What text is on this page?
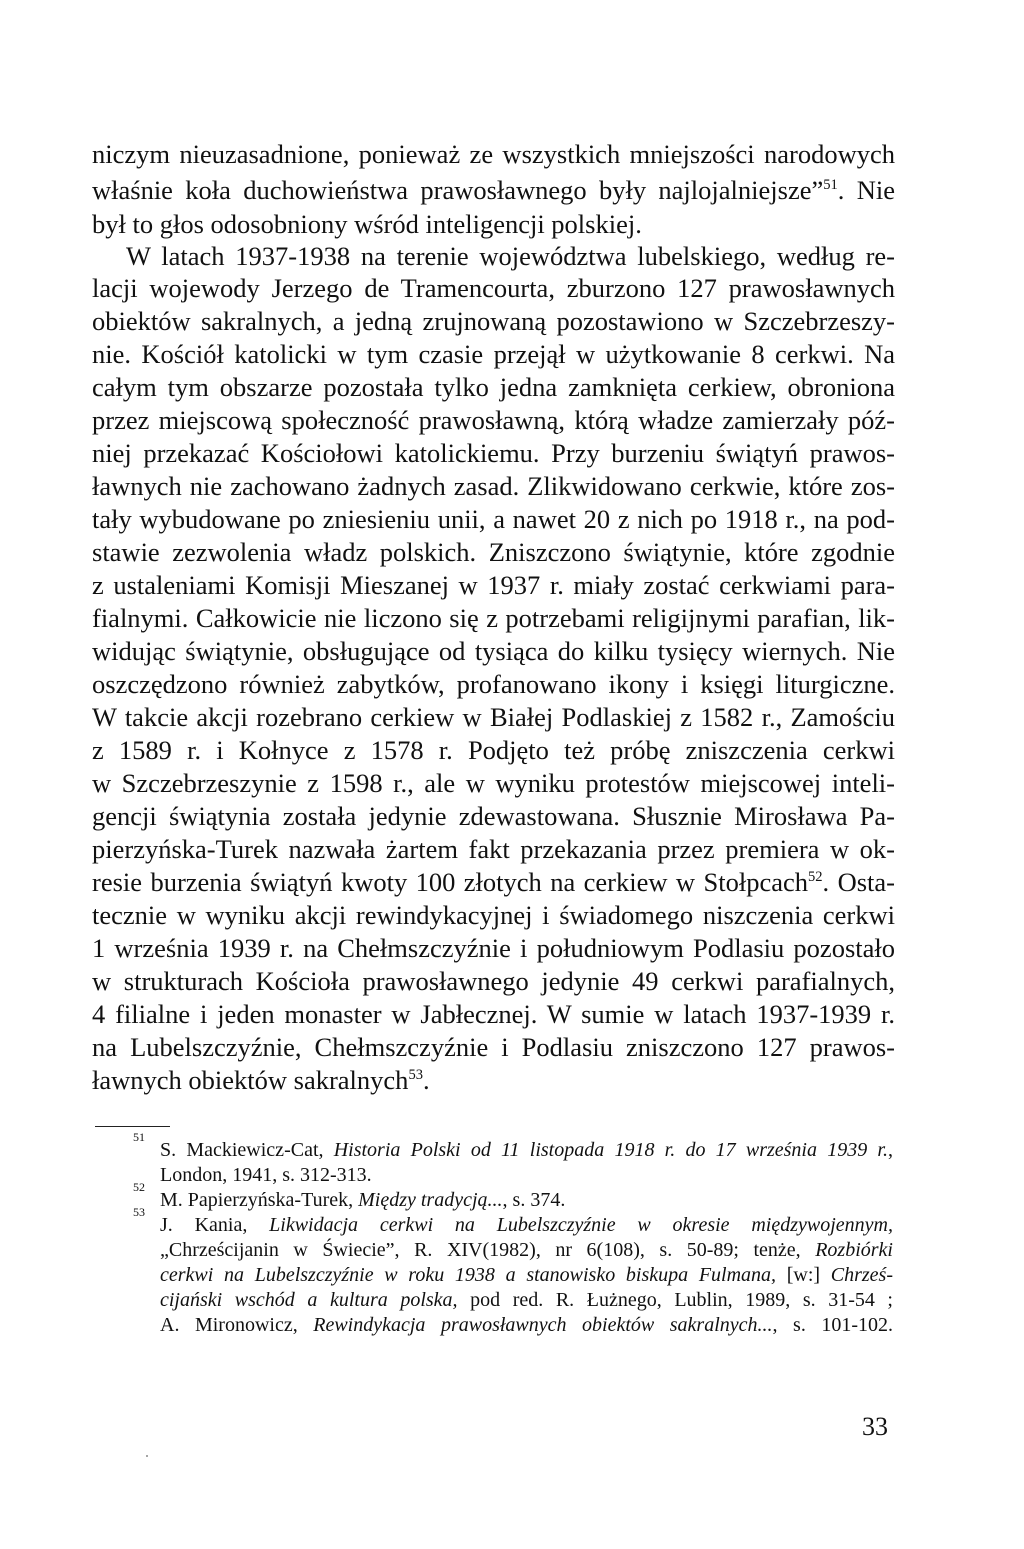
niczym nieuzasadnione, ponieważ ze wszystkich mniejszości narodowych
właśnie koła duchowieństwa prawosławnego były najlojalniejsze”$^{51}$. Nie
był to głos odosobniony wśród inteligencji polskiej.
W latach 1937-1938 na terenie województwa lubelskiego, według re-
lacji wojewody Jerzego de Tramencourta, zburzono 127 prawosławnych
obiektów sakralnych, a jedną zrujnowaną pozostawiono w Szczebrzeszy-
nie. Kościół katolicki w tym czasie przejął w użytkowanie 8 cerkwi. Na
całym tym obszarze pozostała tylko jedna zamknięta cerkiew, obroniona
przez miejscową społeczność prawosławną, którą władze zamierzały póź-
niej przekazać Kościołowi katolickiemu. Przy burzeniu świątyń prawos-
ławnych nie zachowano żadnych zasad. Zlikwidowano cerkwie, które zos-
tały wybudowane po zniesieniu unii, a nawet 20 z nich po 1918 r., na pod-
stawie zezwolenia władz polskich. Zniszczono świątynie, które zgodnie
z ustaleniami Komisji Mieszanej w 1937 r. miały zostać cerkwiami para-
fialnymi. Całkowicie nie liczono się z potrzebami religijnymi parafian, lik-
widując świątynie, obsługujące od tysiąca do kilku tysięcy wiernych. Nie
oszczędzono również zabytków, profanowano ikony i księgi liturgiczne.
W takcie akcji rozebrano cerkiew w Białej Podlaskiej z 1582 r., Zamościu
z 1589 r. i Kołnyce z 1578 r. Podjęto też próbę zniszczenia cerkwi
w Szczebrzeszynie z 1598 r., ale w wyniku protestów miejscowej inteli-
gencji świątynia została jedynie zdewastowana. Słusznie Mirosława Pa-
pierzyńska-Turek nazwała żartem fakt przekazania przez premiera w ok-
resie burzenia świątyń kwoty 100 złotych na cerkiew w Stołpcach$^{52}$. Osta-
tecznie w wyniku akcji rewindykacyjnej i świadomego niszczenia cerkwi
1 września 1939 r. na Chełmszczyźnie i południowym Podlasiu pozostało
w strukturach Kościoła prawosławnego jedynie 49 cerkwi parafialnych,
4 filialne i jeden monaster w Jabłecznej. W sumie w latach 1937-1939 r.
na Lubelszczyźnie, Chełmszczyźnie i Podlasiu zniszczono 127 prawos-
ławnych obiektów sakralnych$^{53}$.
51
S. Mackiewicz-Cat, Historia Polski od 11 listopada 1918 r. do 17 września 1939 r.,
London, 1941, s. 312-313.
52
M. Papierzyńska-Turek, Między tradycją..., s. 374.
53
J. Kania, Likwidacja cerkwi na Lubelszczyźnie w okresie międzywojennym,
„Chrześcijanin w Świecie”, R. XIV(1982), nr 6(108), s. 50-89; tenże, Rozbiórki
cerkwi na Lubelszczyźnie w roku 1938 a stanowisko biskupa Fulmana, [w:] Chrześ-
cijański wschód a kultura polska, pod red. R. Łużnego, Lublin, 1989, s. 31-54 ;
A. Mironowicz, Rewindykacja prawosławnych obiektów sakralnych..., s. 101-102.
33
